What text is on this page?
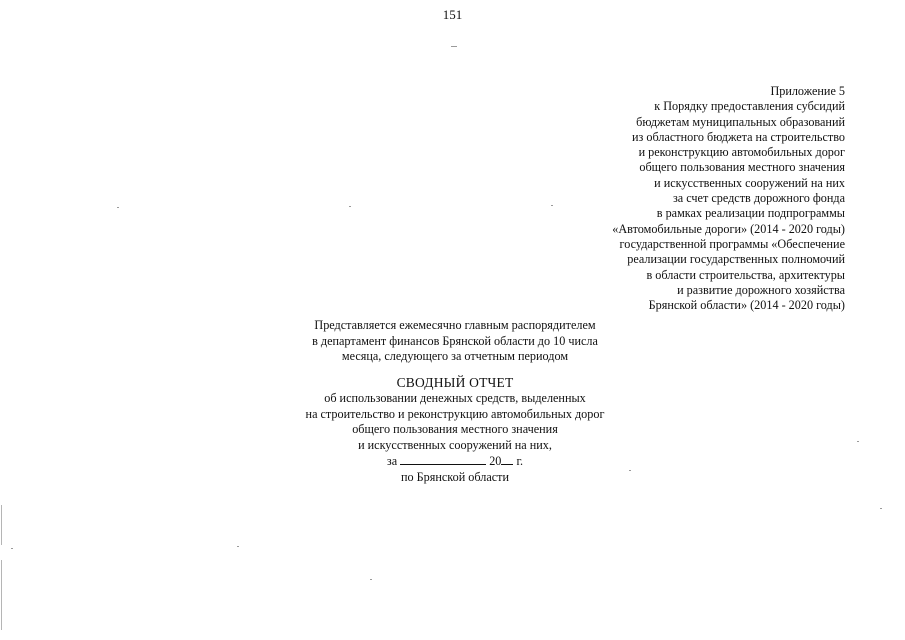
151
Приложение 5
к Порядку предоставления субсидий
бюджетам муниципальных образований
из областного бюджета на строительство
и реконструкцию автомобильных дорог
общего пользования местного значения
и искусственных сооружений на них
за счет средств дорожного фонда
в рамках реализации подпрограммы
«Автомобильные дороги» (2014 - 2020 годы)
государственной программы «Обеспечение
реализации государственных полномочий
в области строительства, архитектуры
и развитие дорожного хозяйства
Брянской области» (2014 - 2020 годы)
Представляется ежемесячно главным распорядителем
в департамент финансов Брянской области до 10 числа
месяца, следующего за отчетным периодом
СВОДНЫЙ ОТЧЕТ
об использовании денежных средств, выделенных
на строительство и реконструкцию автомобильных дорог
общего пользования местного значения
и искусственных сооружений на них,
за	20 г.
по Брянской области
